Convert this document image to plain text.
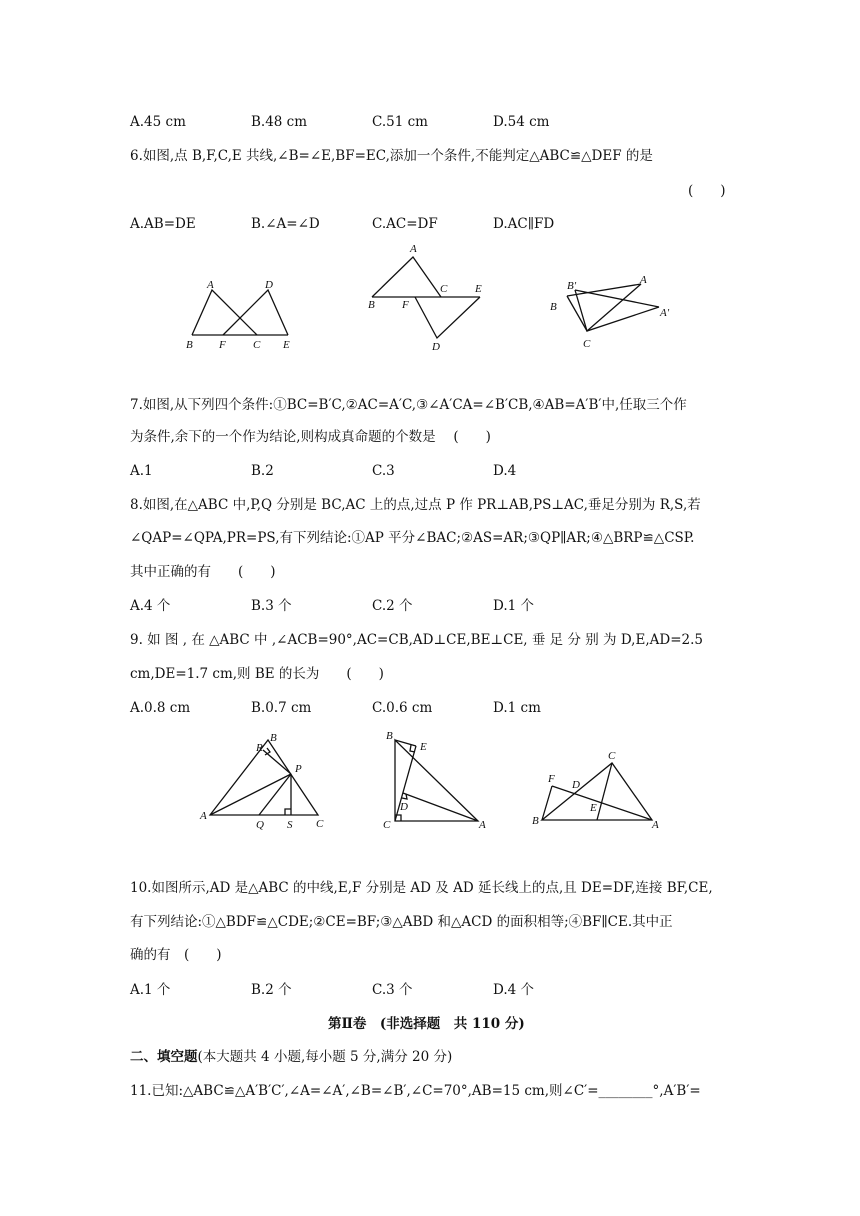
A.45 cm	B.48 cm	C.51 cm	D.54 cm
6.如图,点 B,F,C,E 共线,∠B=∠E,BF=EC,添加一个条件,不能判定△ABC≌△DEF 的是
(　　)
A.AB=DE	B.∠A=∠D	C.AC=DF	D.AC∥FD
A	D
B F C E
A
B F
C	E
D
B′	A
B	A′
C
7.如图,从下列四个条件:①BC=B′C,②AC=A′C,③∠A′CA=∠B′CB,④AB=A′B′中,任取三个作
为条件,余下的一个作为结论,则构成真命题的个数是　 (　　)
A.1	B.2	C.3	D.4
8.如图,在△ABC 中,P,Q 分别是 BC,AC 上的点,过点 P 作 PR⊥AB,PS⊥AC,垂足分别为 R,S,若
∠QAP=∠QPA,PR=PS,有下列结论:①AP 平分∠BAC;②AS=AR;③QP∥AR;④△BRP≌△CSP.
其中正确的有　　(　　)
A.4 个	B.3 个	C.2 个	D.1 个
9. 如 图 , 在 △ABC 中 ,∠ACB=90°,AC=CB,AD⊥CE,BE⊥CE, 垂 足 分 别 为 D,E,AD=2.5
cm,DE=1.7 cm,则 BE 的长为　　(　　)
A.0.8 cm	B.0.7 cm	C.0.6 cm	D.1 cm
B
R
P
A
Q S C
B
E
D
C	A
C
F D
E
B	A
10.如图所示,AD 是△ABC 的中线,E,F 分别是 AD 及 AD 延长线上的点,且 DE=DF,连接 BF,CE,
有下列结论:①△BDF≌△CDE;②CE=BF;③△ABD 和△ACD 的面积相等;④BF∥CE.其中正
确的有　(　　)
A.1 个	B.2 个	C.3 个	D.4 个
第Ⅱ卷　(非选择题　共 110 分)
二、填空题(本大题共 4 小题,每小题 5 分,满分 20 分)
11.已知:△ABC≌△A′B′C′,∠A=∠A′,∠B=∠B′,∠C=70°,AB=15 cm,则∠C′=________°,A′B′=
